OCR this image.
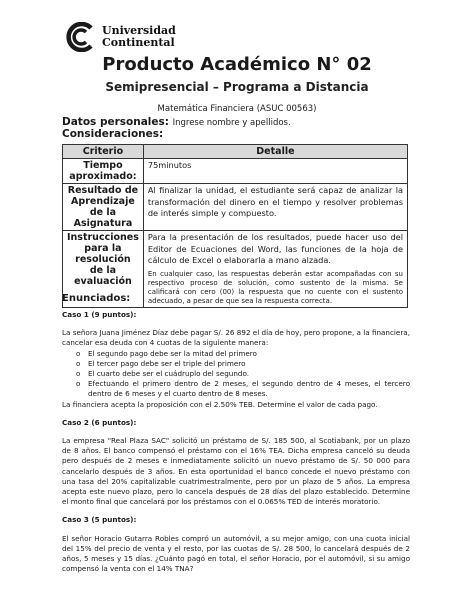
Universidad
Continental
Producto Académico N° 02
Semipresencial – Programa a Distancia
Matemática Financiera (ASUC 00563)
Datos personales: Ingrese nombre y apellidos.
Consideraciones:
Criterio	Detalle
Tiempo aproximado:	75minutos
Resultado de Aprendizaje de la Asignatura	Al finalizar la unidad, el estudiante será capaz de analizar la transformación del dinero en el tiempo y resolver problemas de interés simple y compuesto.
Instrucciones para la resolución de la evaluación	Para la presentación de los resultados, puede hacer uso del Editor de Ecuaciones del Word, las funciones de la hoja de cálculo de Excel o elaborarla a mano alzada.
En cualquier caso, las respuestas deberán estar acompañadas con su respectivo proceso de solución, como sustento de la misma. Se calificará con cero (00) la respuesta que no cuente con el sustento adecuado, a pesar de que sea la respuesta correcta.
Enunciados:

Caso 1 (9 puntos):

La señora Juana Jiménez Díaz debe pagar S/. 26 892 el día de hoy, pero propone, a la financiera, cancelar esa deuda con 4 cuotas de la siguiente manera:

o El segundo pago debe ser la mitad del primero
o El tercer pago debe ser el triple del primero
o El cuarto debe ser el cuádruplo del segundo.
o Efectuando el primero dentro de 2 meses, el segundo dentro de 4 meses, el tercero dentro de 6 meses y el cuarto dentro de 8 meses.

La financiera acepta la proposición con el 2.50% TEB. Determine el valor de cada pago.

Caso 2 (6 puntos):

La empresa "Real Plaza SAC" solicitó un préstamo de S/. 185 500, al Scotiabank, por un plazo de 8 años. El banco compensó el préstamo con el 16% TEA. Dicha empresa canceló su deuda pero después de 2 meses e inmediatamente solicitó un nuevo préstamo de S/. 50 000 para cancelarlo después de 3 años. En esta oportunidad el banco concede el nuevo préstamo con una tasa del 20% capitalizable cuatrimestralmente, pero por un plazo de 5 años. La empresa acepta este nuevo plazo, pero lo cancela después de 28 días del plazo establecido. Determine el monto final que cancelará por los préstamos con el 0.065% TED de interés moratorio.

Caso 3 (5 puntos):

El señor Horacio Gutarra Robles compró un automóvil, a su mejor amigo, con una cuota inicial del 15% del precio de venta y el resto, por las cuotas de S/. 28 500, lo cancelará después de 2 años, 5 meses y 15 días. ¿Cuánto pagó en total, el señor Horacio, por el automóvil, si su amigo compensó la venta con el 14% TNA?
